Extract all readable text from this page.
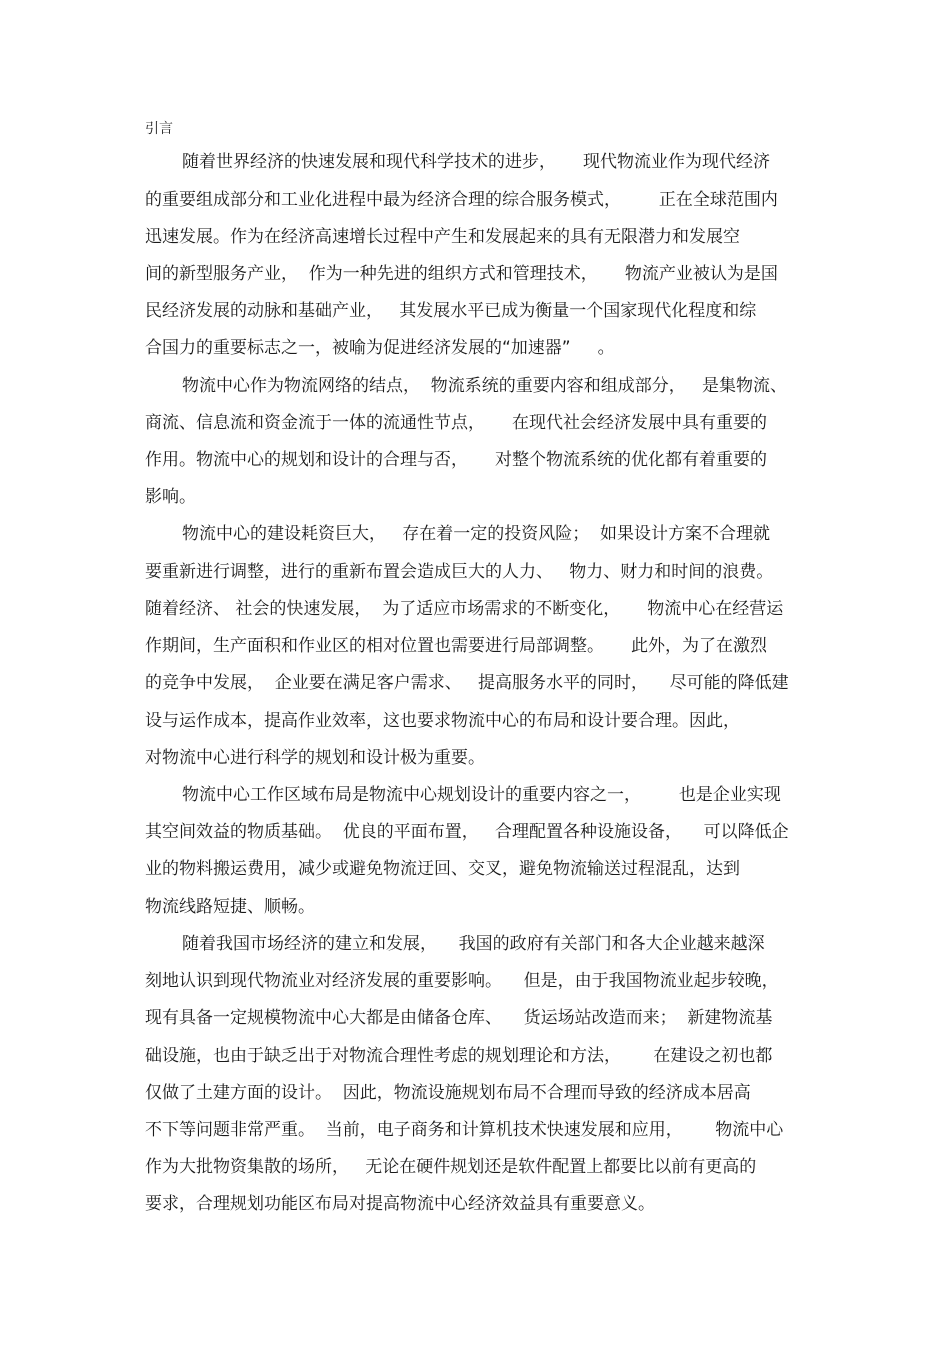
引言
随着世界经济的快速发展和现代科学技术的进步，     现代物流业作为现代经济
的重要组成部分和工业化进程中最为经济合理的综合服务模式，       正在全球范围内
迅速发展。作为在经济高速增长过程中产生和发展起来的具有无限潜力和发展空
间的新型服务产业，  作为一种先进的组织方式和管理技术，     物流产业被认为是国
民经济发展的动脉和基础产业，   其发展水平已成为衡量一个国家现代化程度和综
合国力的重要标志之一，被喻为促进经济发展的“加速器”     。
物流中心作为物流网络的结点，  物流系统的重要内容和组成部分，   是集物流、
商流、信息流和资金流于一体的流通性节点，     在现代社会经济发展中具有重要的
作用。物流中心的规划和设计的合理与否，     对整个物流系统的优化都有着重要的
影响。
物流中心的建设耗资巨大，   存在着一定的投资风险；  如果设计方案不合理就
要重新进行调整，进行的重新布置会造成巨大的人力、   物力、财力和时间的浪费。
随着经济、 社会的快速发展，  为了适应市场需求的不断变化，     物流中心在经营运
作期间，生产面积和作业区的相对位置也需要进行局部调整。     此外，为了在激烈
的竞争中发展，  企业要在满足客户需求、   提高服务水平的同时，    尽可能的降低建
设与运作成本，提高作业效率，这也要求物流中心的布局和设计要合理。因此，
对物流中心进行科学的规划和设计极为重要。
物流中心工作区域布局是物流中心规划设计的重要内容之一，       也是企业实现
其空间效益的物质基础。  优良的平面布置，   合理配置各种设施设备，    可以降低企
业的物料搬运费用，减少或避免物流迂回、交叉，避免物流输送过程混乱，达到
物流线路短捷、顺畅。
随着我国市场经济的建立和发展，    我国的政府有关部门和各大企业越来越深
刻地认识到现代物流业对经济发展的重要影响。    但是，由于我国物流业起步较晚，
现有具备一定规模物流中心大都是由储备仓库、    货运场站改造而来；  新建物流基
础设施，也由于缺乏出于对物流合理性考虑的规划理论和方法，      在建设之初也都
仅做了土建方面的设计。  因此，物流设施规划布局不合理而导致的经济成本居高
不下等问题非常严重。  当前，电子商务和计算机技术快速发展和应用，      物流中心
作为大批物资集散的场所，   无论在硬件规划还是软件配置上都要比以前有更高的
要求，合理规划功能区布局对提高物流中心经济效益具有重要意义。
